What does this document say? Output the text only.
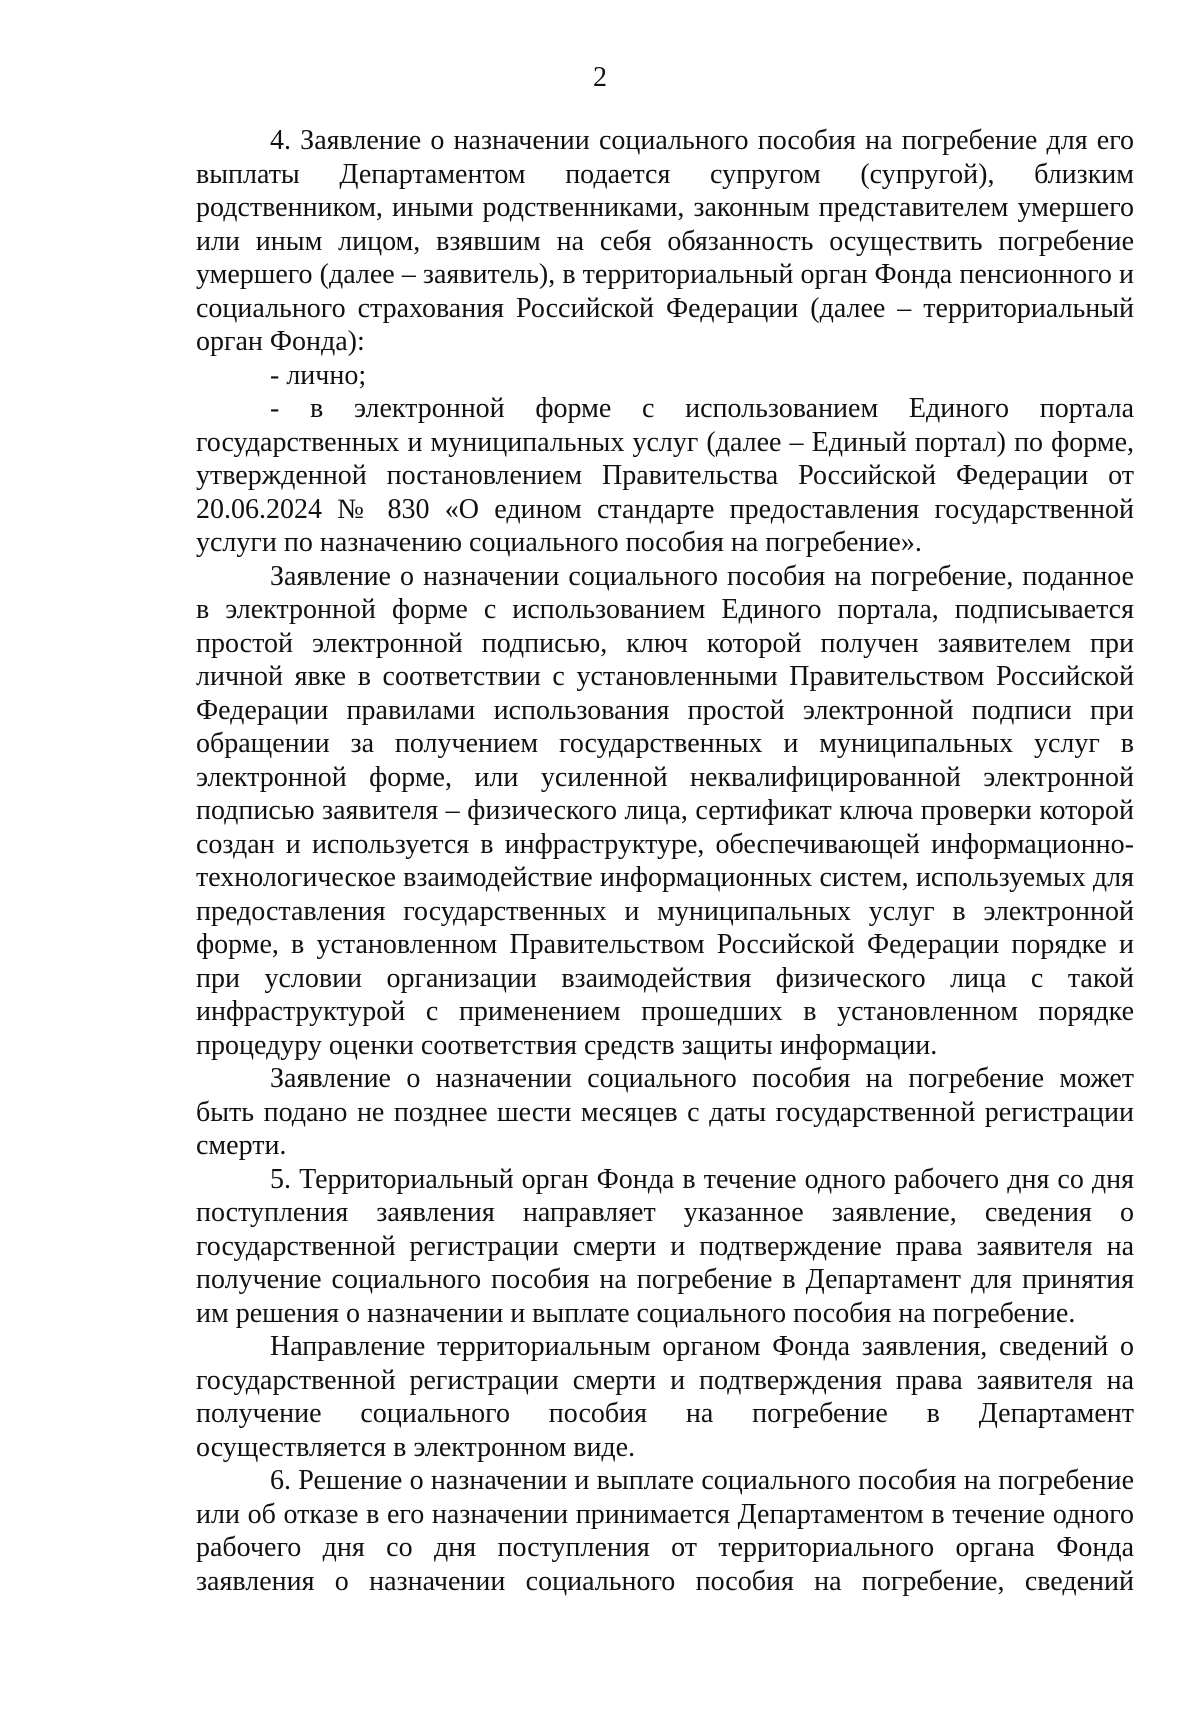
2

4. Заявление о назначении социального пособия на погребение для его выплаты Департаментом подается супругом (супругой), близким родственником, иными родственниками, законным представителем умершего или иным лицом, взявшим на себя обязанность осуществить погребение умершего (далее – заявитель), в территориальный орган Фонда пенсионного и социального страхования Российской Федерации (далее – территориальный орган Фонда):

- лично;

- в электронной форме с использованием Единого портала государственных и муниципальных услуг (далее – Единый портал) по форме, утвержденной постановлением Правительства Российской Федерации от 20.06.2024 № 830 «О едином стандарте предоставления государственной услуги по назначению социального пособия на погребение».

Заявление о назначении социального пособия на погребение, поданное в электронной форме с использованием Единого портала, подписывается простой электронной подписью, ключ которой получен заявителем при личной явке в соответствии с установленными Правительством Российской Федерации правилами использования простой электронной подписи при обращении за получением государственных и муниципальных услуг в электронной форме, или усиленной неквалифицированной электронной подписью заявителя – физического лица, сертификат ключа проверки которой создан и используется в инфраструктуре, обеспечивающей информационно-технологическое взаимодействие информационных систем, используемых для предоставления государственных и муниципальных услуг в электронной форме, в установленном Правительством Российской Федерации порядке и при условии организации взаимодействия физического лица с такой инфраструктурой с применением прошедших в установленном порядке процедуру оценки соответствия средств защиты информации.

Заявление о назначении социального пособия на погребение может быть подано не позднее шести месяцев с даты государственной регистрации смерти.

5. Территориальный орган Фонда в течение одного рабочего дня со дня поступления заявления направляет указанное заявление, сведения о государственной регистрации смерти и подтверждение права заявителя на получение социального пособия на погребение в Департамент для принятия им решения о назначении и выплате социального пособия на погребение.

Направление территориальным органом Фонда заявления, сведений о государственной регистрации смерти и подтверждения права заявителя на получение социального пособия на погребение в Департамент осуществляется в электронном виде.

6. Решение о назначении и выплате социального пособия на погребение или об отказе в его назначении принимается Департаментом в течение одного рабочего дня со дня поступления от территориального органа Фонда заявления о назначении социального пособия на погребение, сведений
